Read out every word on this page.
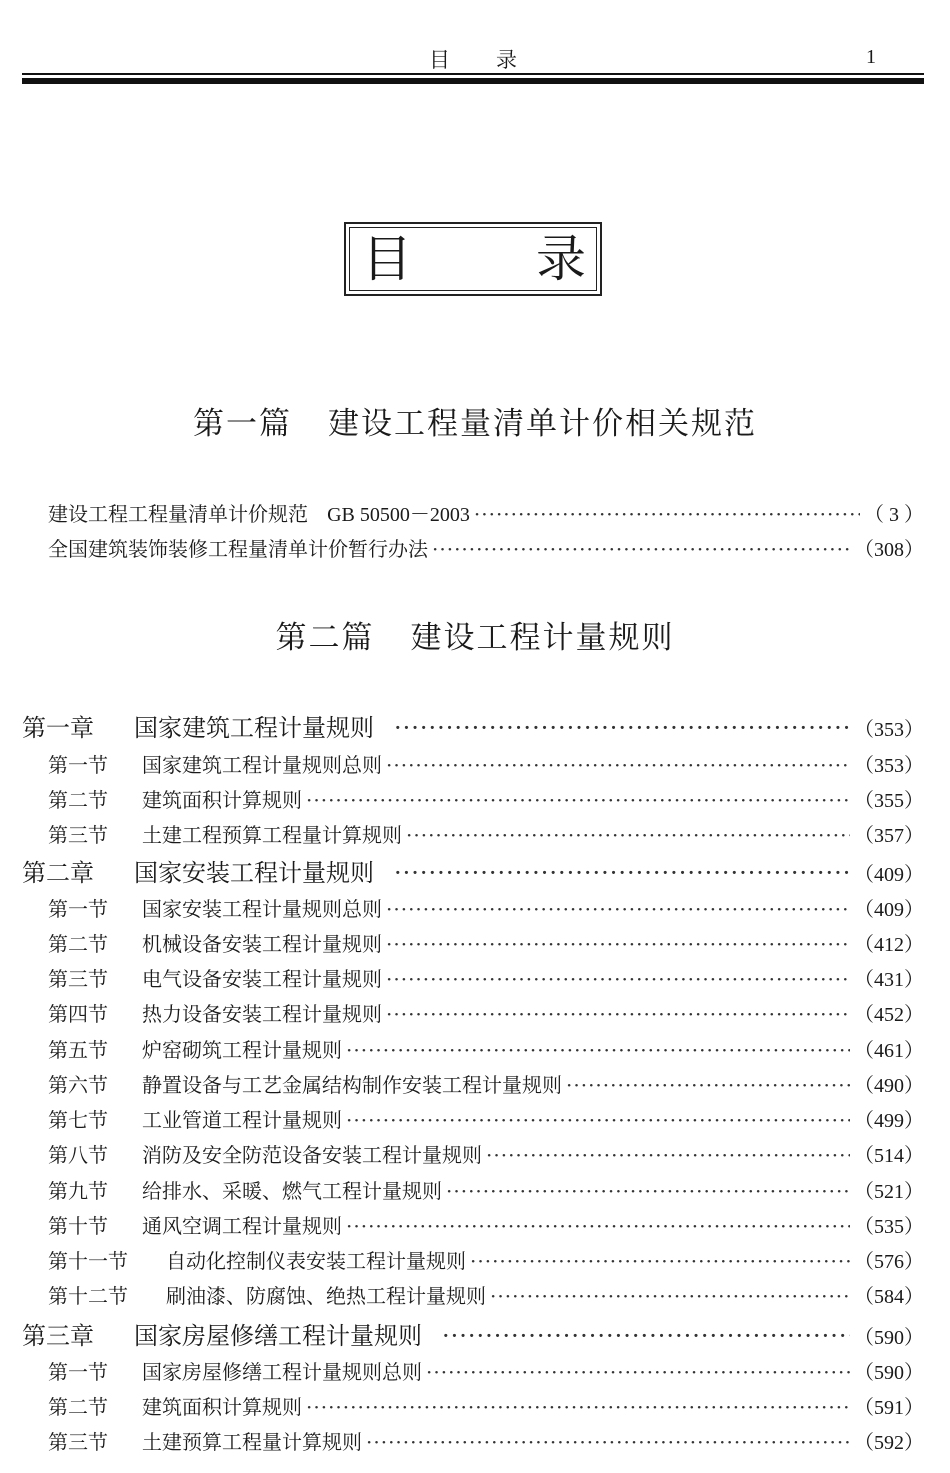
目录	1
目 录
第一篇 建设工程量清单计价相关规范
建设工程工程量清单计价规范 GB 50500－2003 ·····	（ 3 ）
全国建筑装饰装修工程量清单计价暂行办法 ·····	（308）
第二篇 建设工程计量规则
第一章 国家建筑工程计量规则 ·····	（353）
第一节 国家建筑工程计量规则总则 ·····	（353）
第二节 建筑面积计算规则 ·····	（355）
第三节 土建工程预算工程量计算规则 ·····	（357）
第二章 国家安装工程计量规则 ·····	（409）
第一节 国家安装工程计量规则总则 ·····	（409）
第二节 机械设备安装工程计量规则 ·····	（412）
第三节 电气设备安装工程计量规则 ·····	（431）
第四节 热力设备安装工程计量规则 ·····	（452）
第五节 炉窑砌筑工程计量规则 ·····	（461）
第六节 静置设备与工艺金属结构制作安装工程计量规则 ·····	（490）
第七节 工业管道工程计量规则 ·····	（499）
第八节 消防及安全防范设备安装工程计量规则 ·····	（514）
第九节 给排水、采暖、燃气工程计量规则 ·····	（521）
第十节 通风空调工程计量规则 ·····	（535）
第十一节 自动化控制仪表安装工程计量规则 ·····	（576）
第十二节 刷油漆、防腐蚀、绝热工程计量规则 ·····	（584）
第三章 国家房屋修缮工程计量规则 ·····	（590）
第一节 国家房屋修缮工程计量规则总则 ·····	（590）
第二节 建筑面积计算规则 ·····	（591）
第三节 土建预算工程量计算规则 ·····	（592）
